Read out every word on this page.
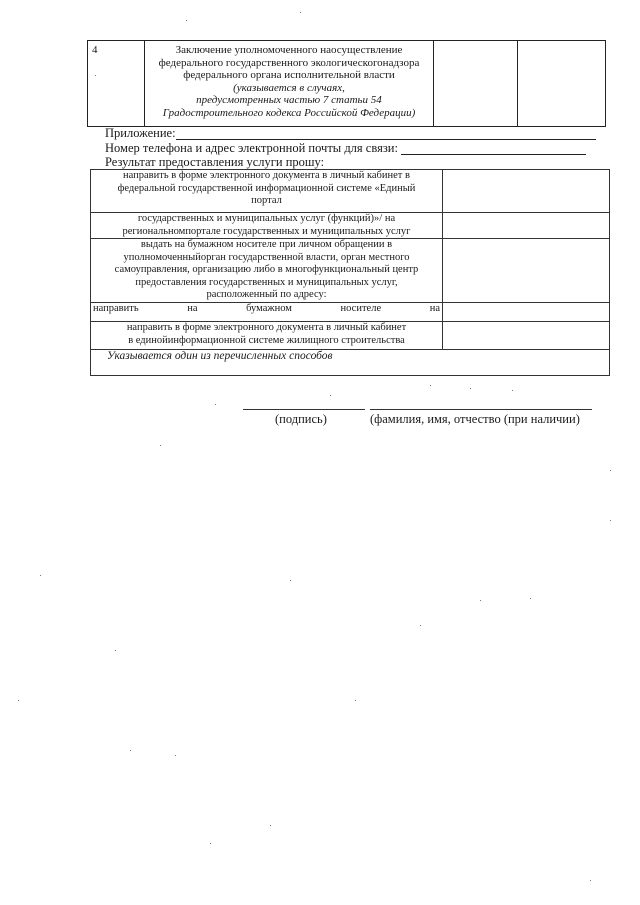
4	Заключение уполномоченного наосуществление
федерального государственного экологическогонадзора
федерального органа исполнительной власти
(указывается в случаях,
предусмотренных частью 7 статьи 54
Градостроительного кодекса Российской Федерации)

Приложение:
Номер телефона и адрес электронной почты для связи:
Результат предоставления услуги прошу:
направить в форме электронного документа в личный кабинет в
федеральной государственной информационной системе «Единый
портал	

государственных и муниципальных услуг (функций)»/ на
региональномпортале государственных и муниципальных услуг	

выдать на бумажном носителе при личном обращении в
уполномоченныйорган государственной власти, орган местного
самоуправления, организацию либо в многофункциональный центр
предоставления государственных и муниципальных услуг,
расположенный по адресу:	

направить на бумажном носителе на	

направить в форме электронного документа в личный кабинет
в единойинформационной системе жилищного строительства	

Указывается один из перечисленных способов	
(подпись)	(фамилия, имя, отчество (при наличии)
